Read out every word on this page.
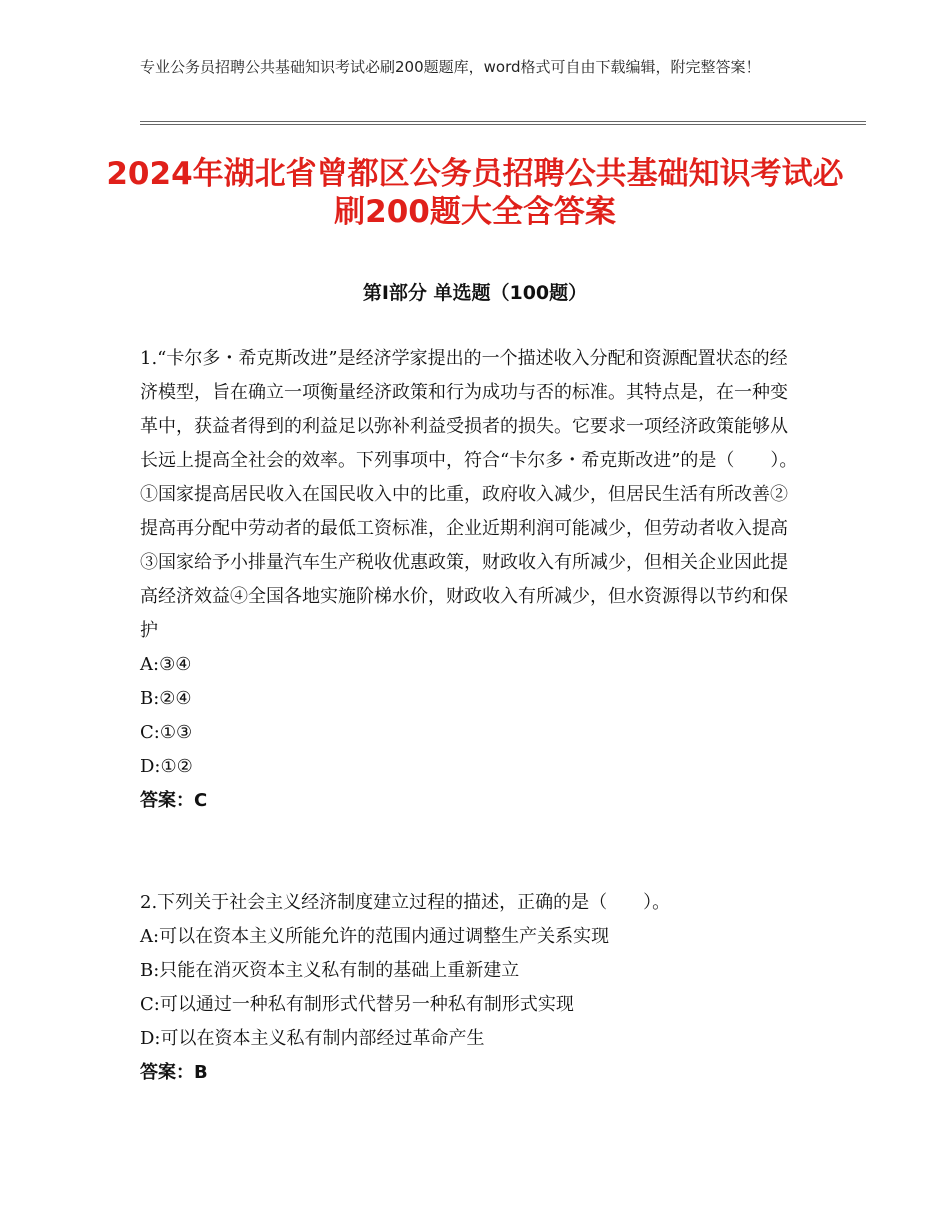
专业公务员招聘公共基础知识考试必刷200题题库，word格式可自由下载编辑，附完整答案！
2024年湖北省曾都区公务员招聘公共基础知识考试必刷200题大全含答案
第Ⅰ部分 单选题（100题）

1.“卡尔多・希克斯改进”是经济学家提出的一个描述收入分配和资源配置状态的经济模型，旨在确立一项衡量经济政策和行为成功与否的标准。其特点是，在一种变革中，获益者得到的利益足以弥补利益受损者的损失。它要求一项经济政策能够从长远上提高全社会的效率。下列事项中，符合“卡尔多・希克斯改进”的是（　　）。①国家提高居民收入在国民收入中的比重，政府收入减少，但居民生活有所改善②提高再分配中劳动者的最低工资标准，企业近期利润可能减少，但劳动者收入提高③国家给予小排量汽车生产税收优惠政策，财政收入有所减少，但相关企业因此提高经济效益④全国各地实施阶梯水价，财政收入有所减少，但水资源得以节约和保护

A:③④

B:②④

C:①③

D:①②

答案：C

2.下列关于社会主义经济制度建立过程的描述，正确的是（　　）。

A:可以在资本主义所能允许的范围内通过调整生产关系实现

B:只能在消灭资本主义私有制的基础上重新建立

C:可以通过一种私有制形式代替另一种私有制形式实现

D:可以在资本主义私有制内部经过革命产生

答案：B
